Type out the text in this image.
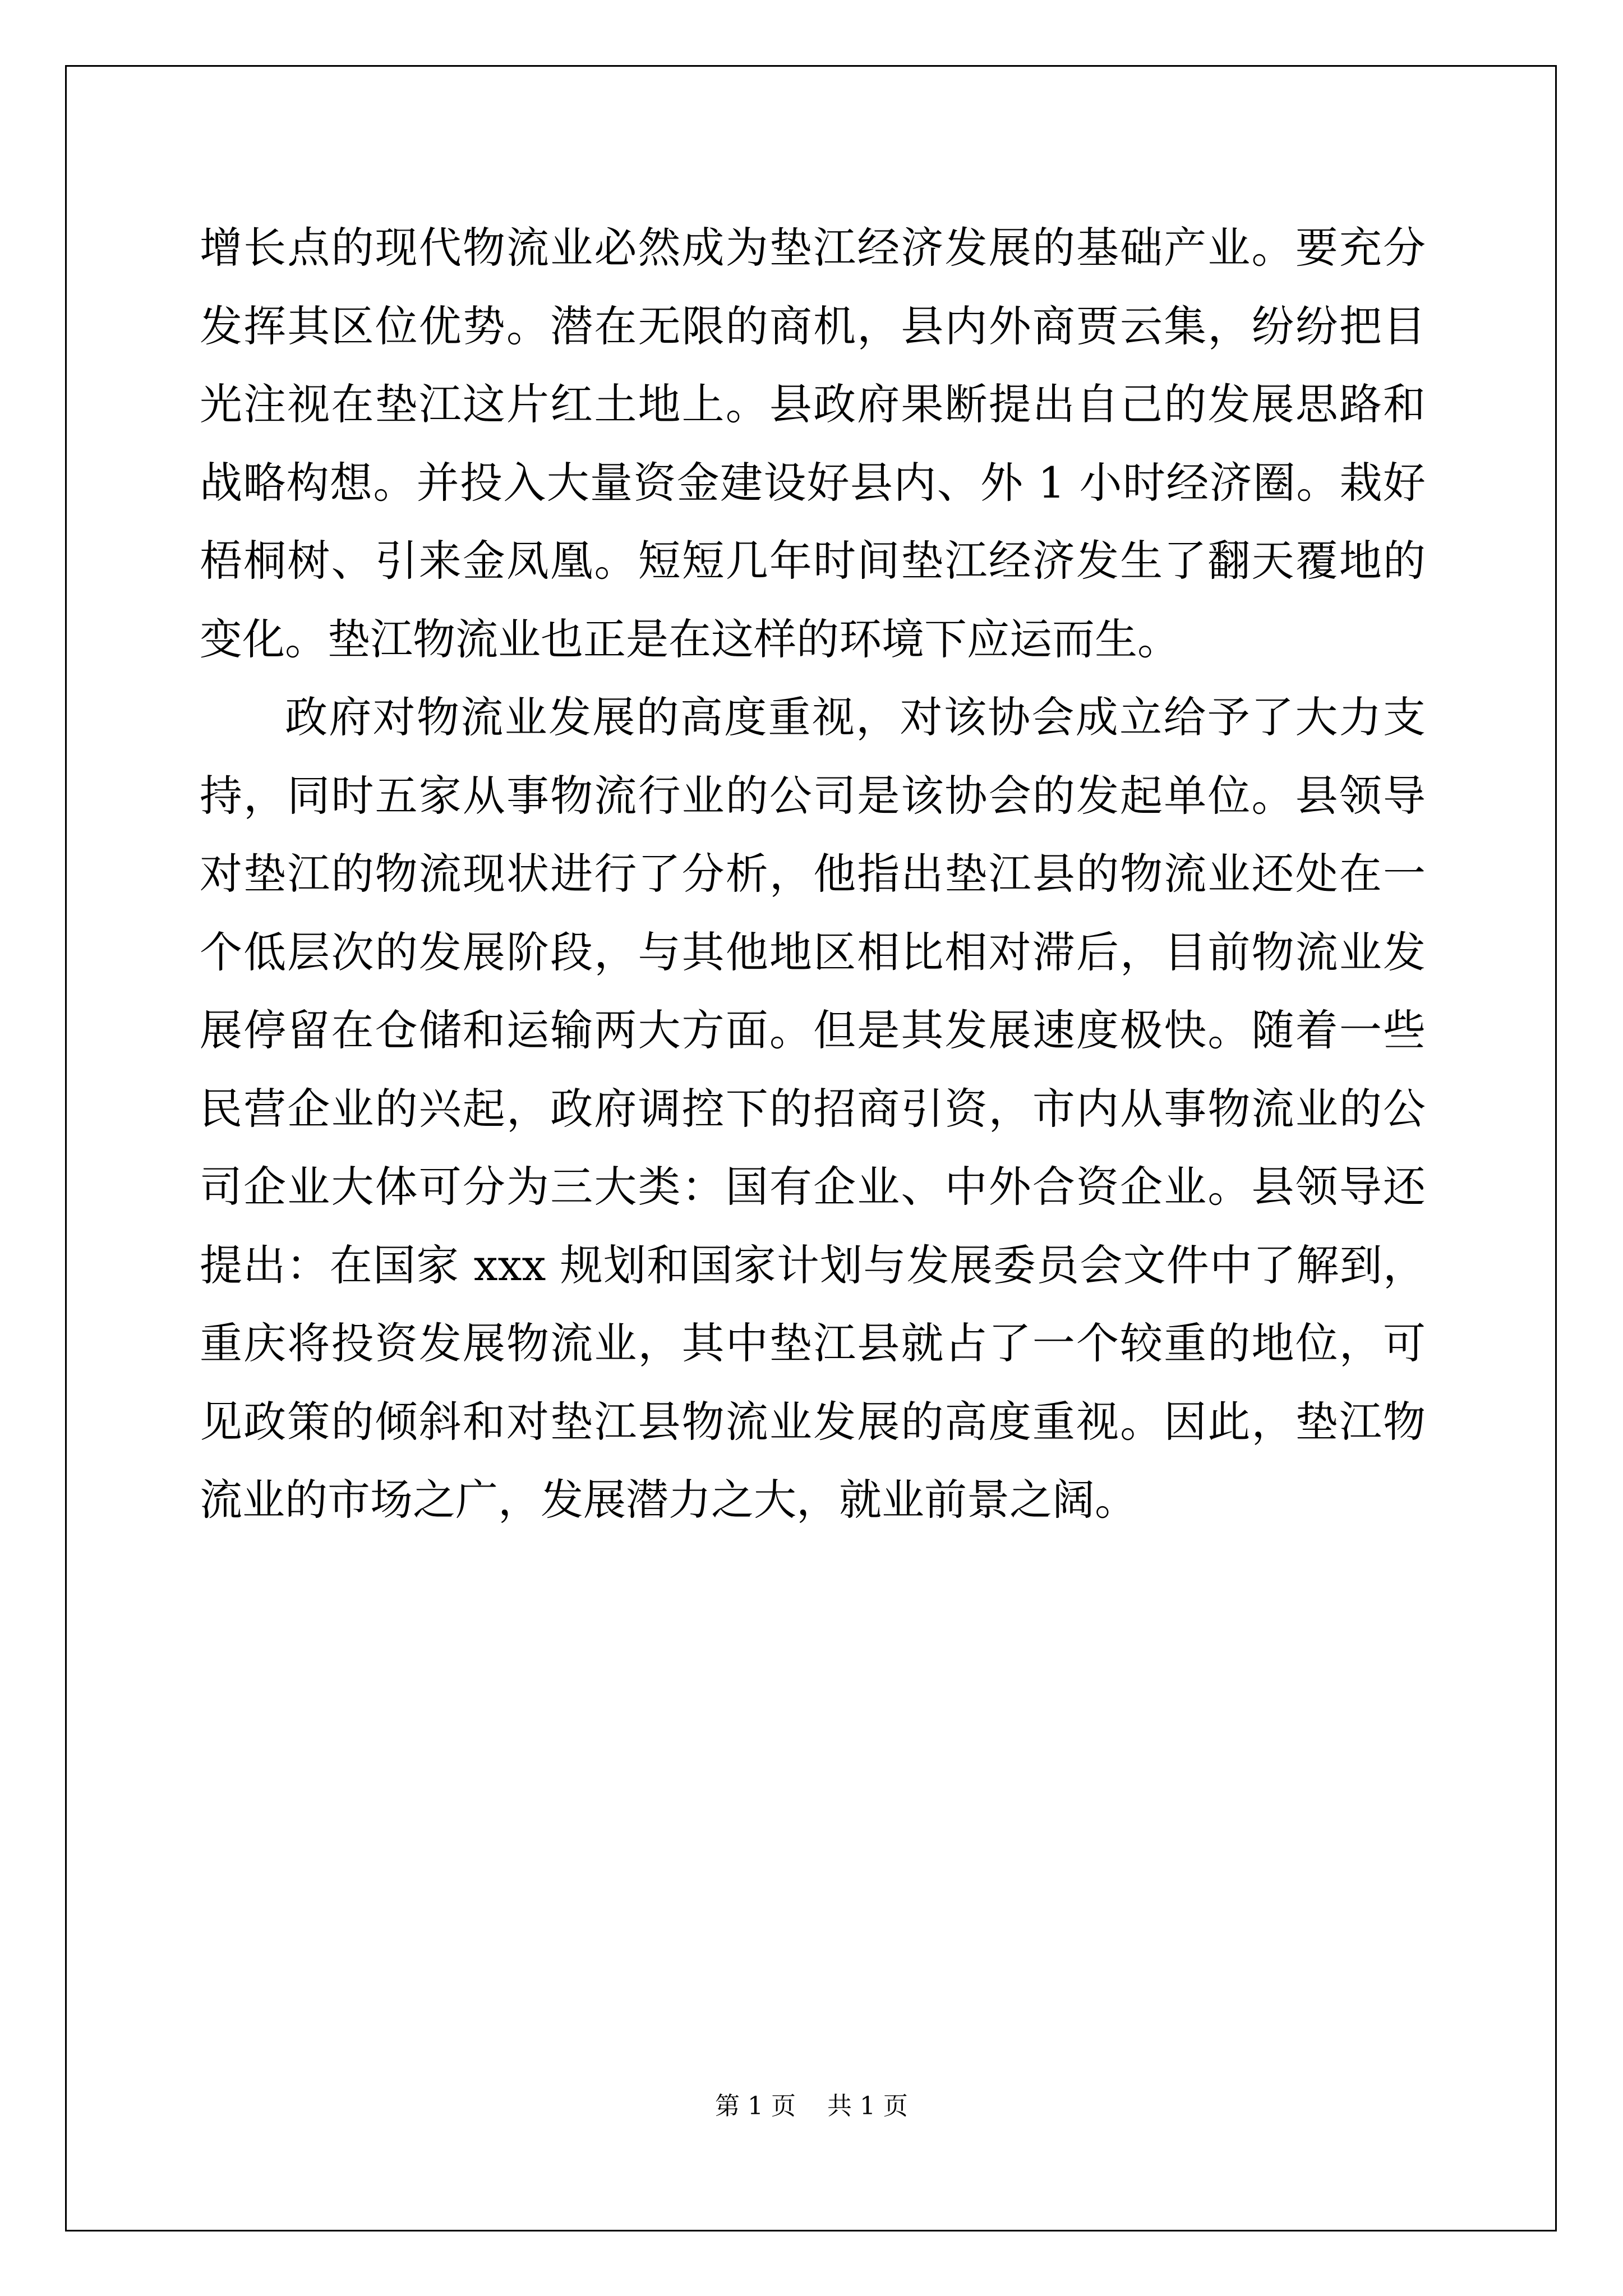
增长点的现代物流业必然成为垫江经济发展的基础产业。要充分发挥其区位优势。潜在无限的商机，县内外商贾云集，纷纷把目光注视在垫江这片红土地上。县政府果断提出自己的发展思路和战略构想。并投入大量资金建设好县内、外 1 小时经济圈。栽好梧桐树、引来金凤凰。短短几年时间垫江经济发生了翻天覆地的变化。垫江物流业也正是在这样的环境下应运而生。

政府对物流业发展的高度重视，对该协会成立给予了大力支持，同时五家从事物流行业的公司是该协会的发起单位。县领导对垫江的物流现状进行了分析，他指出垫江县的物流业还处在一个低层次的发展阶段，与其他地区相比相对滞后，目前物流业发展停留在仓储和运输两大方面。但是其发展速度极快。随着一些民营企业的兴起，政府调控下的招商引资，市内从事物流业的公司企业大体可分为三大类：国有企业、中外合资企业。县领导还提出：在国家 xxx 规划和国家计划与发展委员会文件中了解到，重庆将投资发展物流业，其中垫江县就占了一个较重的地位，可见政策的倾斜和对垫江县物流业发展的高度重视。因此，垫江物流业的市场之广，发展潜力之大，就业前景之阔。

第 1 页    共 1 页
